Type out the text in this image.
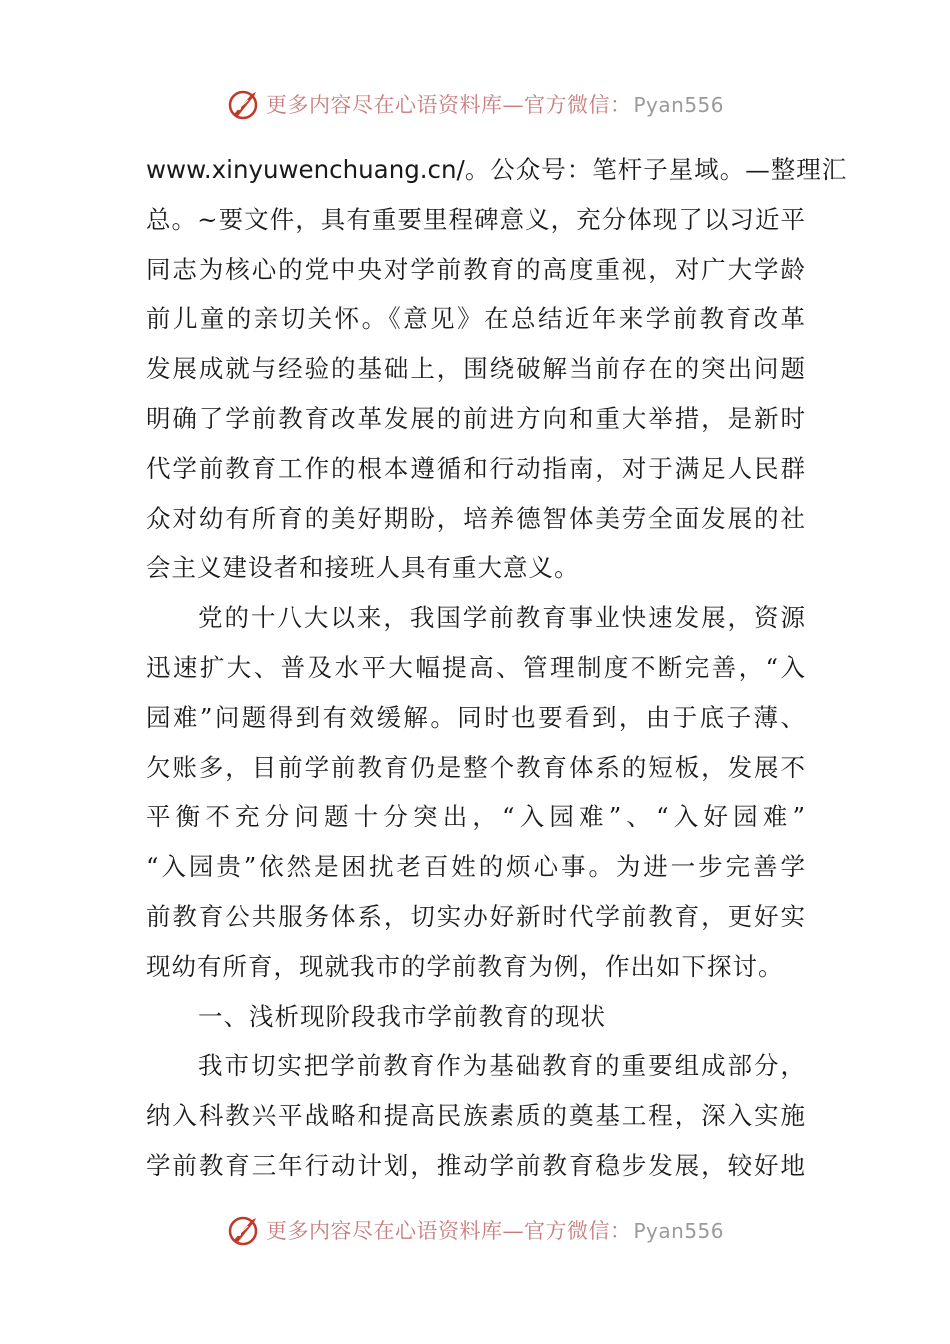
更多内容尽在心语资料库—官方微信： Pyan556
www.xinyuwenchuang.cn/。公众号：笔杆子星域。—整理汇
总。~要文件，具有重要里程碑意义，充分体现了以习近平
同志为核心的党中央对学前教育的高度重视，对广大学龄
前儿童的亲切关怀。《意见》在总结近年来学前教育改革
发展成就与经验的基础上，围绕破解当前存在的突出问题
明确了学前教育改革发展的前进方向和重大举措，是新时
代学前教育工作的根本遵循和行动指南，对于满足人民群
众对幼有所育的美好期盼，培养德智体美劳全面发展的社
会主义建设者和接班人具有重大意义。
党的十八大以来，我国学前教育事业快速发展，资源
迅速扩大、普及水平大幅提高、管理制度不断完善，“入
园难”问题得到有效缓解。同时也要看到，由于底子薄、
欠账多，目前学前教育仍是整个教育体系的短板，发展不
平衡不充分问题十分突出，“入园难”、“入好园难”
“入园贵”依然是困扰老百姓的烦心事。为进一步完善学
前教育公共服务体系，切实办好新时代学前教育，更好实
现幼有所育，现就我市的学前教育为例，作出如下探讨。
一、浅析现阶段我市学前教育的现状
我市切实把学前教育作为基础教育的重要组成部分，
纳入科教兴平战略和提高民族素质的奠基工程，深入实施
学前教育三年行动计划，推动学前教育稳步发展，较好地
更多内容尽在心语资料库—官方微信： Pyan556
